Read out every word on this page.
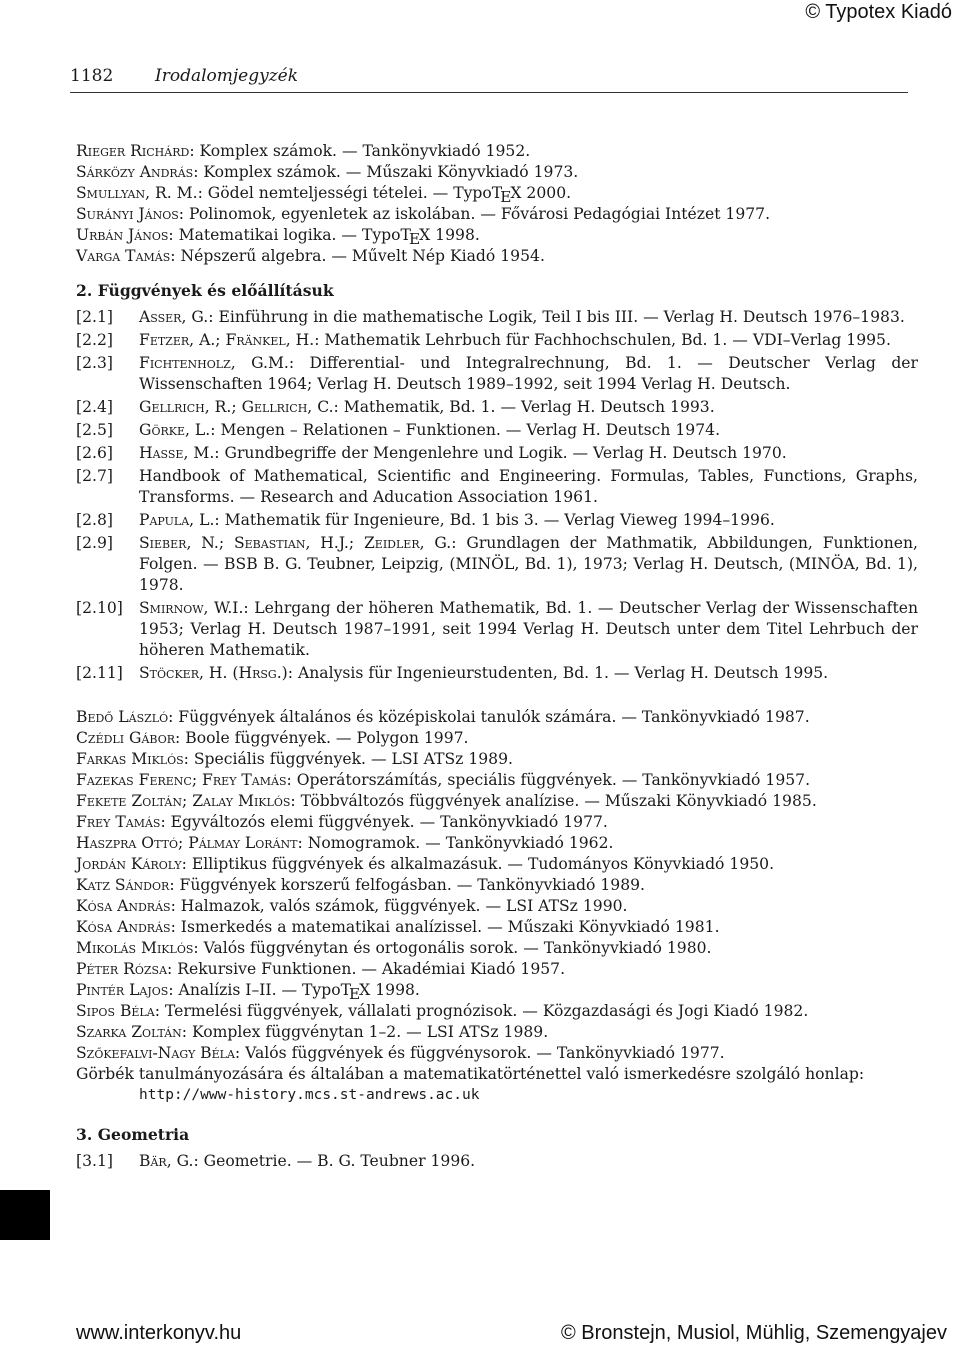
© Typotex Kiadó
1182 Irodalomjegyzék
Rieger Richárd: Komplex számok. — Tankönyvkiadó 1952.
Sárközy András: Komplex számok. — Műszaki Könyvkiadó 1973.
Smullyan, R. M.: Gödel nemteljességi tételei. — TypoTEX 2000.
Surányi János: Polinomok, egyenletek az iskolában. — Fővárosi Pedagógiai Intézet 1977.
Urbán János: Matematikai logika. — TypoTEX 1998.
Varga Tamás: Népszerű algebra. — Művelt Nép Kiadó 1954.
2. Függvények és előállításuk
[2.1]	Asser, G.: Einführung in die mathematische Logik, Teil I bis III. — Verlag H. Deutsch 1976–1983.
[2.2]	Fetzer, A.; Fränkel, H.: Mathematik Lehrbuch für Fachhochschulen, Bd. 1. — VDI–Verlag 1995.
[2.3]	Fichtenholz, G.M.: Differential- und Integralrechnung, Bd. 1. — Deutscher Verlag der Wissenschaften 1964; Verlag H. Deutsch 1989–1992, seit 1994 Verlag H. Deutsch.
[2.4]	Gellrich, R.; Gellrich, C.: Mathematik, Bd. 1. — Verlag H. Deutsch 1993.
[2.5]	Görke, L.: Mengen – Relationen – Funktionen. — Verlag H. Deutsch 1974.
[2.6]	Hasse, M.: Grundbegriffe der Mengenlehre und Logik. — Verlag H. Deutsch 1970.
[2.7]	Handbook of Mathematical, Scientific and Engineering. Formulas, Tables, Functions, Graphs, Transforms. — Research and Aducation Association 1961.
[2.8]	Papula, L.: Mathematik für Ingenieure, Bd. 1 bis 3. — Verlag Vieweg 1994–1996.
[2.9]	Sieber, N.; Sebastian, H.J.; Zeidler, G.: Grundlagen der Mathmatik, Abbildungen, Funktionen, Folgen. — BSB B. G. Teubner, Leipzig, (MINÖL, Bd. 1), 1973; Verlag H. Deutsch, (MINÖA, Bd. 1), 1978.
[2.10]	Smirnow, W.I.: Lehrgang der höheren Mathematik, Bd. 1. — Deutscher Verlag der Wissenschaften 1953; Verlag H. Deutsch 1987–1991, seit 1994 Verlag H. Deutsch unter dem Titel Lehrbuch der höheren Mathematik.
[2.11]	Stöcker, H. (Hrsg.): Analysis für Ingenieurstudenten, Bd. 1. — Verlag H. Deutsch 1995.
Bedő László: Függvények általános és középiskolai tanulók számára. — Tankönyvkiadó 1987.
Czédli Gábor: Boole függvények. — Polygon 1997.
Farkas Miklós: Speciális függvények. — LSI ATSz 1989.
Fazekas Ferenc; Frey Tamás: Operátorszámítás, speciális függvények. — Tankönyvkiadó 1957.
Fekete Zoltán; Zalay Miklós: Többváltozós függvények analízise. — Műszaki Könyvkiadó 1985.
Frey Tamás: Egyváltozós elemi függvények. — Tankönyvkiadó 1977.
Haszpra Ottó; Pálmay Loránt: Nomogramok. — Tankönyvkiadó 1962.
Jordán Károly: Elliptikus függvények és alkalmazásuk. — Tudományos Könyvkiadó 1950.
Katz Sándor: Függvények korszerű felfogásban. — Tankönyvkiadó 1989.
Kósa András: Halmazok, valós számok, függvények. — LSI ATSz 1990.
Kósa András: Ismerkedés a matematikai analízissel. — Műszaki Könyvkiadó 1981.
Mikolás Miklós: Valós függvénytan és ortogonális sorok. — Tankönyvkiadó 1980.
Péter Rózsa: Rekursive Funktionen. — Akadémiai Kiadó 1957.
Pintér Lajos: Analízis I–II. — TypoTEX 1998.
Sipos Béla: Termelési függvények, vállalati prognózisok. — Közgazdasági és Jogi Kiadó 1982.
Szarka Zoltán: Komplex függvénytan 1–2. — LSI ATSz 1989.
Szőkefalvi-Nagy Béla: Valós függvények és függvénysorok. — Tankönyvkiadó 1977.
Görbék tanulmányozására és általában a matematikatörténettel való ismerkedésre szolgáló honlap:
http://www-history.mcs.st-andrews.ac.uk
3. Geometria
[3.1]	Bär, G.: Geometrie. — B. G. Teubner 1996.
www.interkonyv.hu	© Bronstejn, Musiol, Mühlig, Szemengyajev
